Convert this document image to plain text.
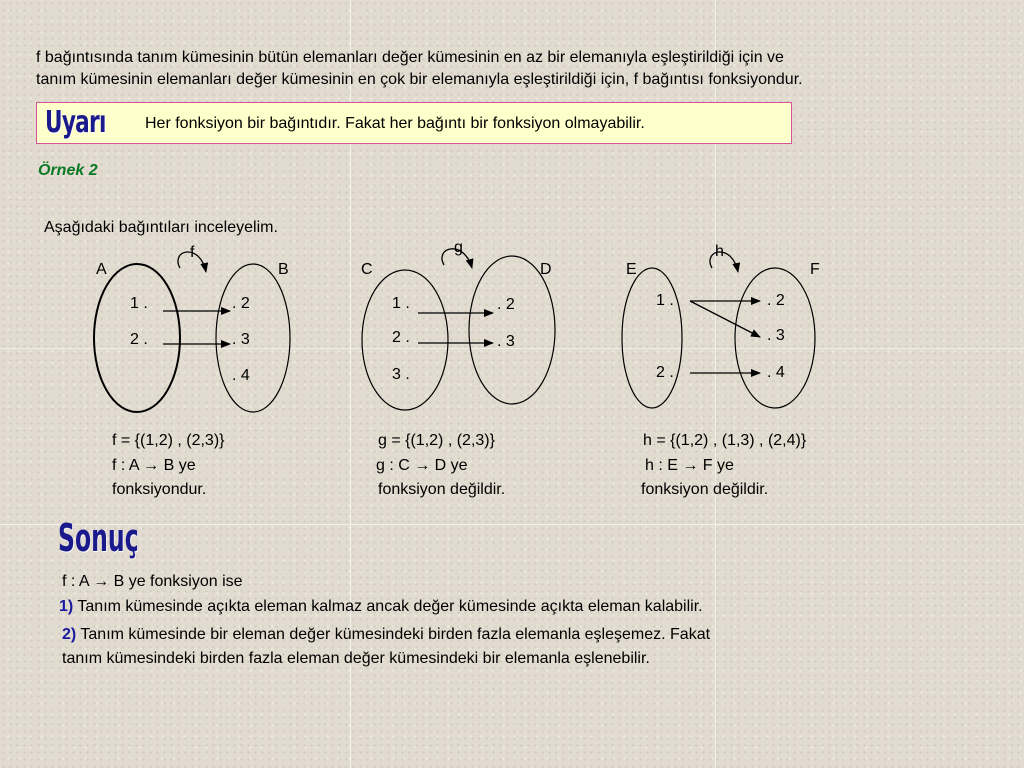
f bağıntısında tanım kümesinin bütün elemanları değer kümesinin en az bir elemanıyla eşleştirildiği için ve
tanım kümesinin elemanları değer kümesinin en çok bir elemanıyla eşleştirildiği için, f bağıntısı fonksiyondur.
Uyarı Her fonksiyon bir bağıntıdır. Fakat her bağıntı bir fonksiyon olmayabilir.
Örnek 2
Aşağıdaki bağıntıları inceleyelim.
f
A	B
1 .
2 .
. 2
. 3
. 4
f = {(1,2) , (2,3)}
f : A → B ye
fonksiyondur.
g
C	D
1 .
2 .
3 .
. 2
. 3
g = {(1,2) , (2,3)}
g : C → D ye
fonksiyon değildir.
h
E	F
1 .
2 .
. 2
. 3
. 4
h = {(1,2) , (1,3) , (2,4)}
h : E → F ye
fonksiyon değildir.
Sonuç
f : A → B ye fonksiyon ise
1) Tanım kümesinde açıkta eleman kalmaz ancak değer kümesinde açıkta eleman kalabilir.
2) Tanım kümesinde bir eleman değer kümesindeki birden fazla elemanla eşleşemez. Fakat
tanım kümesindeki birden fazla eleman değer kümesindeki bir elemanla eşlenebilir.
